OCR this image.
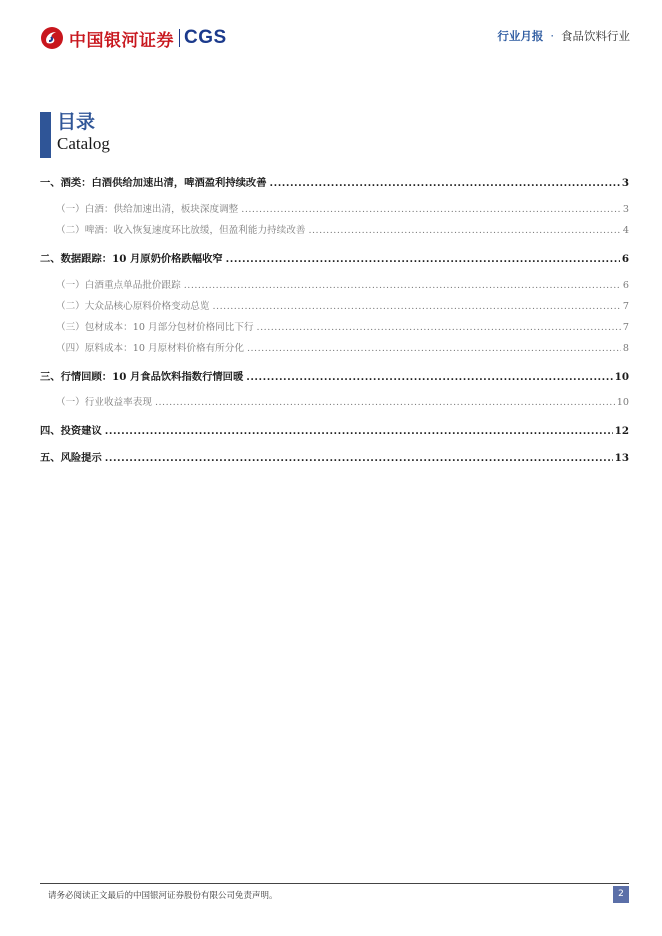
中国银河证券 CGS	行业月报 · 食品饮料行业
目录
Catalog
一、 酒类：白酒供给加速出清，啤酒盈利持续改善 .....	3
（一） 白酒：供给加速出清，板块深度调整 .....	3
（二） 啤酒：收入恢复速度环比放缓，但盈利能力持续改善 .....	4
二、 数据跟踪：10 月原奶价格跌幅收窄 .....	6
（一） 白酒重点单品批价跟踪 .....	6
（二） 大众品核心原料价格变动总览 .....	7
（三） 包材成本：10 月部分包材价格同比下行 .....	7
（四） 原料成本：10 月原材料价格有所分化 .....	8
三、 行情回顾：10 月食品饮料指数行情回暖 .....	10
（一） 行业收益率表现 .....	10
四、 投资建议 .....	12
五、 风险提示 .....	13
请务必阅读正文最后的中国银河证券股份有限公司免责声明。	2
